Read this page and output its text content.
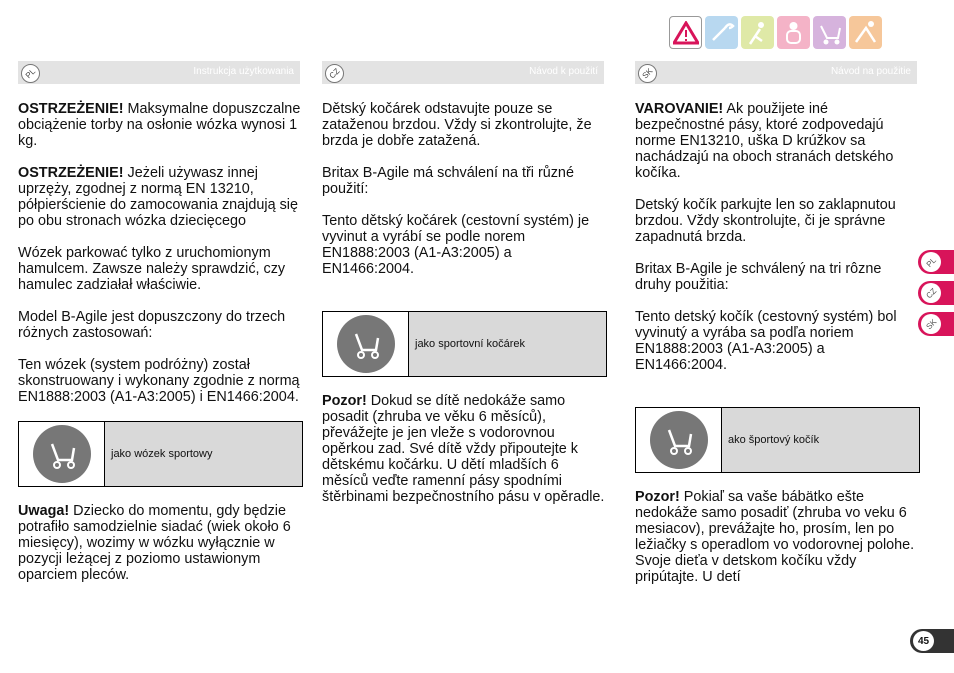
PL	Instrukcja użytkowania

OSTRZEŻENIE! Maksymalne dopuszczalne obciążenie torby na osłonie wózka wynosi 1 kg.

OSTRZEŻENIE! Jeżeli używasz innej uprzęży, zgodnej z normą EN 13210, półpierścienie do zamocowania znajdują się po obu stronach wózka dziecięcego

Wózek parkować tylko z uruchomionym hamulcem. Zawsze należy sprawdzić, czy hamulec zadziałał właściwie.

Model B-Agile jest dopuszczony do trzech różnych zastosowań:

Ten wózek (system podróżny) został skonstruowany i wykonany zgodnie z normą EN1888:2003 (A1-A3:2005) i EN1466:2004.

jako wózek sportowy

Uwaga! Dziecko do momentu, gdy będzie potrafiło samodzielnie siadać (wiek około 6 miesięcy), wozimy w wózku wyłącznie w pozycji leżącej z poziomo ustawionym oparciem pleców.

CZ	Návod k použití

Dětský kočárek odstavujte pouze se zataženou brzdou. Vždy si zkontrolujte, že brzda je dobře zatažená.

Britax B-Agile má schválení na tři různé použití:

Tento dětský kočárek (cestovní systém) je vyvinut a vyrábí se podle norem EN1888:2003 (A1-A3:2005) a EN1466:2004.

jako sportovní kočárek

Pozor! Dokud se dítě nedokáže samo posadit (zhruba ve věku 6 měsíců), převážejte je jen vleže s vodorovnou opěrkou zad. Své dítě vždy připoutejte k dětskému kočárku. U dětí mladších 6 měsíců veďte ramenní pásy spodními štěrbinami bezpečnostního pásu v opěradle.

SK	Návod na použitie

VAROVANIE! Ak použijete iné bezpečnostné pásy, ktoré zodpovedajú norme EN13210, uškа D krúžkov sa nachádzajú na oboch stranách detského kočíka.

Detský kočík parkujte len so zaklapnutou brzdou. Vždy skontrolujte, či je správne zapadnutá brzda.

Britax B-Agile je schválený na tri rôzne druhy použitia:

Tento detský kočík (cestovný systém) bol vyvinutý a vyrába sa podľa noriem EN1888:2003 (A1-A3:2005) a EN1466:2004.

ako športový kočík

Pozor! Pokiaľ sa vaše bábätko ešte nedokáže samo posadiť (zhruba vo veku 6 mesiacov), prevážajte ho, prosím, len po ležiačky s operadlom vo vodorovnej polohe. Svoje dieťa v detskom kočíku vždy pripútajte. U detí

PL
CZ
SK
45
